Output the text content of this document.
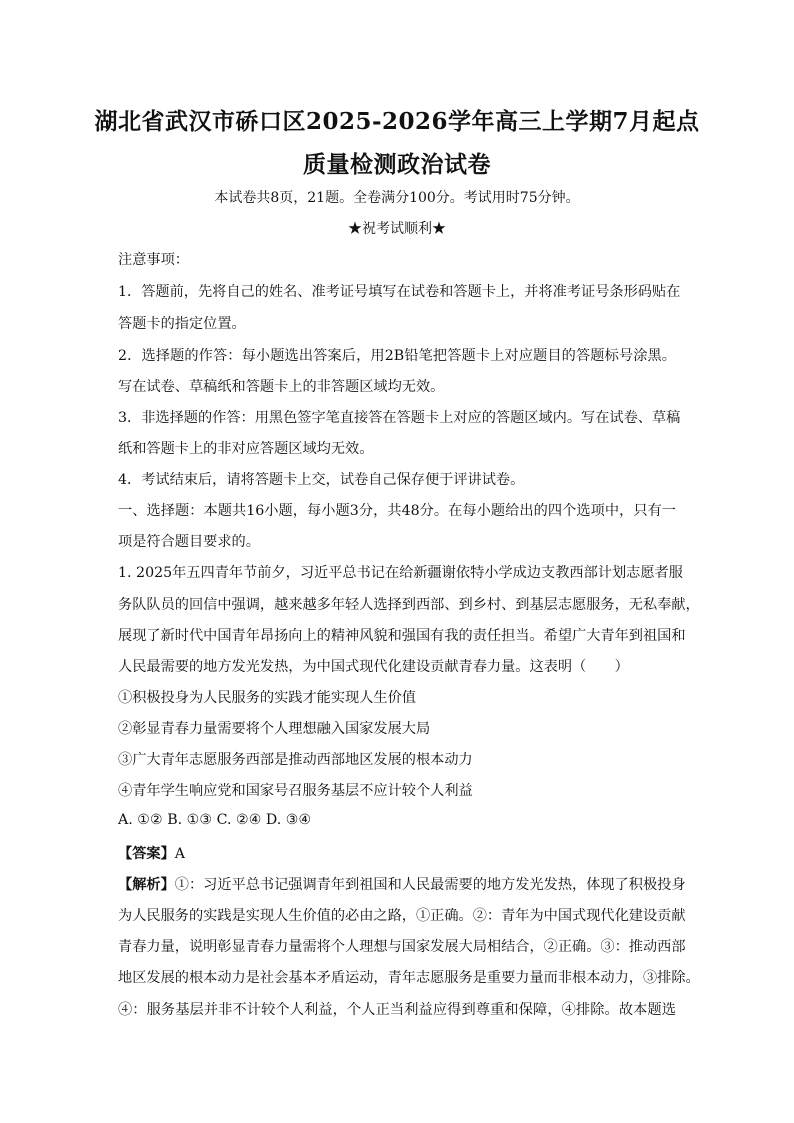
湖北省武汉市硚口区2025-2026学年高三上学期7月起点
质量检测政治试卷
本试卷共8页，21题。全卷满分100分。考试用时75分钟。
★祝考试顺利★
注意事项：
1．答题前，先将自己的姓名、准考证号填写在试卷和答题卡上，并将准考证号条形码贴在
答题卡的指定位置。
2．选择题的作答：每小题选出答案后，用2B铅笔把答题卡上对应题目的答题标号涂黑。
写在试卷、草稿纸和答题卡上的非答题区域均无效。
3．非选择题的作答：用黑色签字笔直接答在答题卡上对应的答题区域内。写在试卷、草稿
纸和答题卡上的非对应答题区域均无效。
4．考试结束后，请将答题卡上交，试卷自己保存便于评讲试卷。
一、选择题：本题共16小题，每小题3分，共48分。在每小题给出的四个选项中，只有一
项是符合题目要求的。
1. 2025年五四青年节前夕，习近平总书记在给新疆谢依特小学成边支教西部计划志愿者服
务队队员的回信中强调，越来越多年轻人选择到西部、到乡村、到基层志愿服务，无私奉献，
展现了新时代中国青年昂扬向上的精神风貌和强国有我的责任担当。希望广大青年到祖国和
人民最需要的地方发光发热，为中国式现代化建设贡献青春力量。这表明（　　）
①积极投身为人民服务的实践才能实现人生价值
②彰显青春力量需要将个人理想融入国家发展大局
③广大青年志愿服务西部是推动西部地区发展的根本动力
④青年学生响应党和国家号召服务基层不应计较个人利益
A. ①② B. ①③ C. ②④ D. ③④
【答案】A
【解析】①：习近平总书记强调青年到祖国和人民最需要的地方发光发热，体现了积极投身
为人民服务的实践是实现人生价值的必由之路，①正确。②：青年为中国式现代化建设贡献
青春力量，说明彰显青春力量需将个人理想与国家发展大局相结合，②正确。③：推动西部
地区发展的根本动力是社会基本矛盾运动，青年志愿服务是重要力量而非根本动力，③排除。
④：服务基层并非不计较个人利益，个人正当利益应得到尊重和保障，④排除。故本题选
